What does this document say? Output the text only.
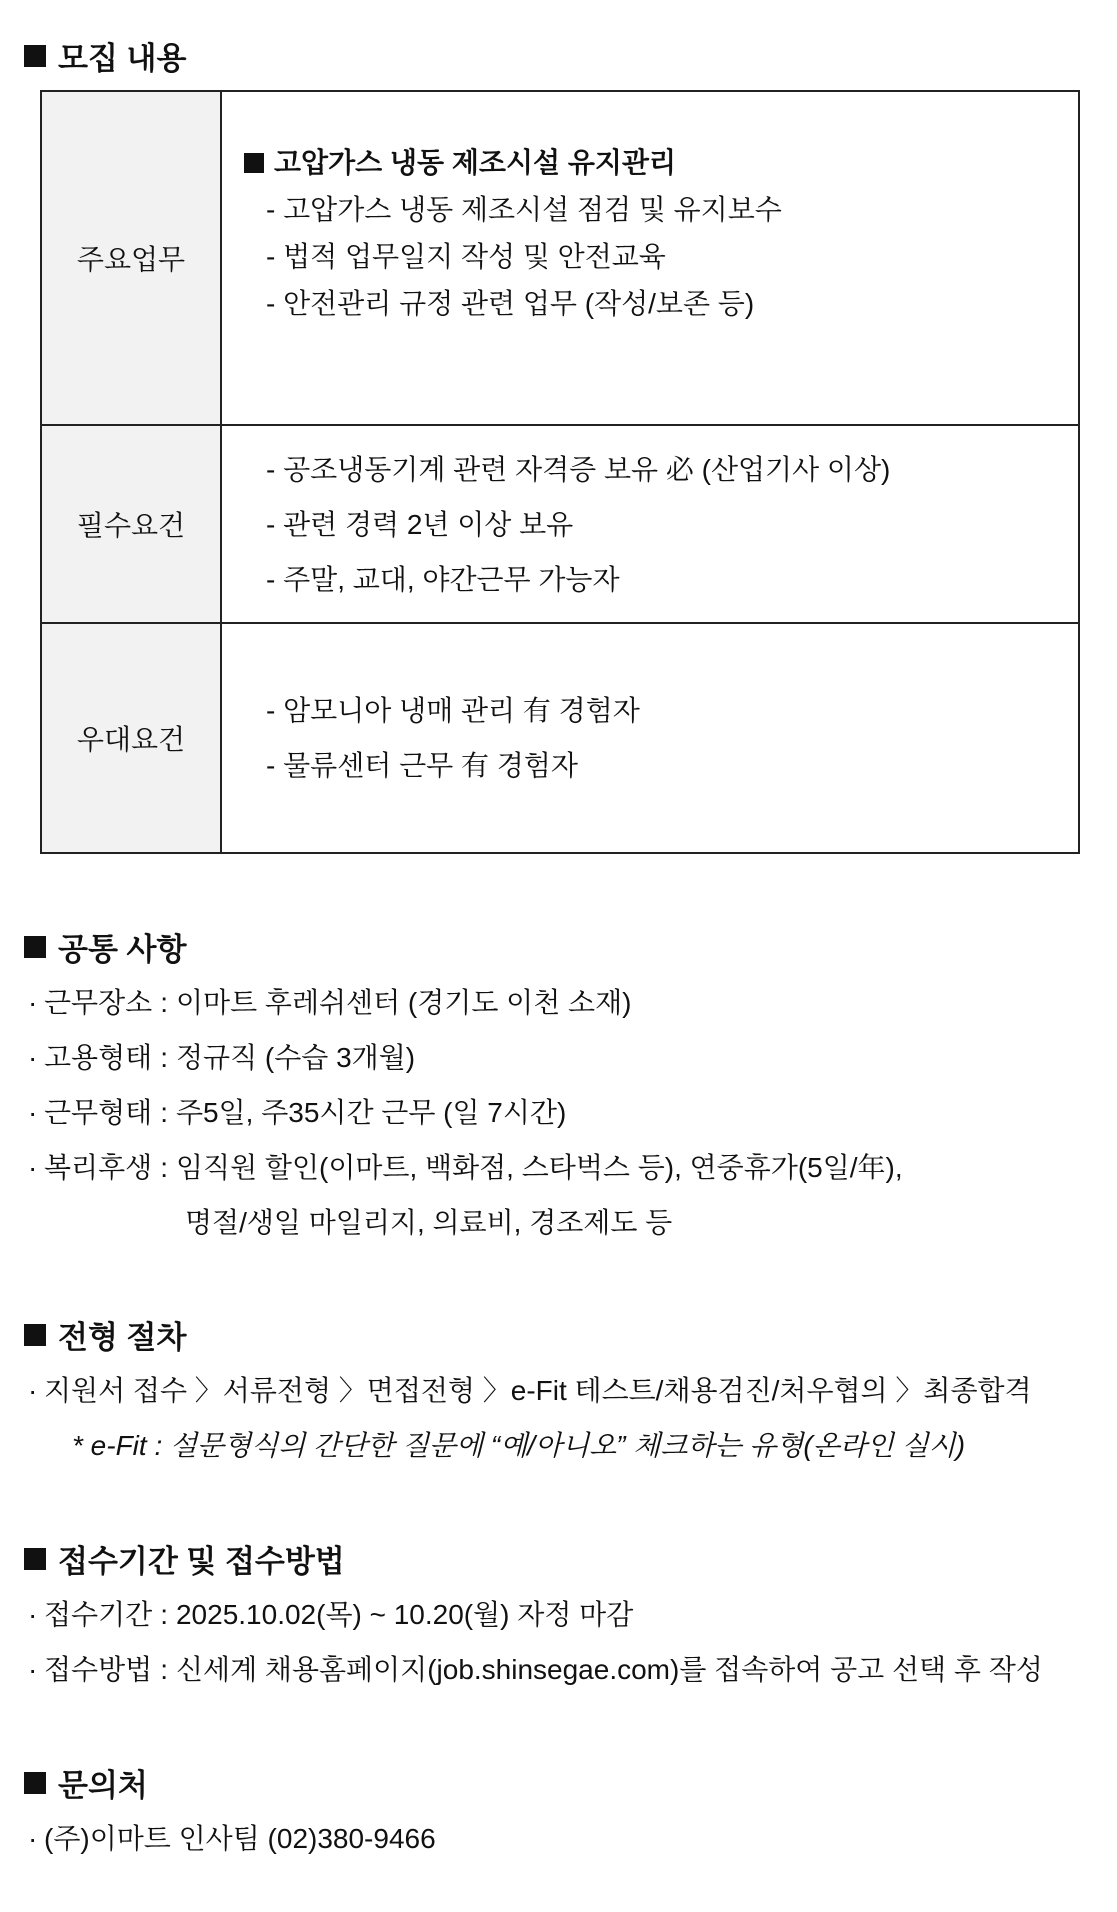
모집 내용
주요업무	고압가스 냉동 제조시설 유지관리
- 고압가스 냉동 제조시설 점검 및 유지보수
- 법적 업무일지 작성 및 안전교육
- 안전관리 규정 관련 업무 (작성/보존 등)

필수요건	- 공조냉동기계 관련 자격증 보유 必 (산업기사 이상)
- 관련 경력 2년 이상 보유
- 주말, 교대, 야간근무 가능자

우대요건	- 암모니아 냉매 관리 有 경험자
- 물류센터 근무 有 경험자
공통 사항
· 근무장소 : 이마트 후레쉬센터 (경기도 이천 소재)
· 고용형태 : 정규직 (수습 3개월)
· 근무형태 : 주5일, 주35시간 근무 (일 7시간)
· 복리후생 : 임직원 할인(이마트, 백화점, 스타벅스 등), 연중휴가(5일/年),
명절/생일 마일리지, 의료비, 경조제도 등
전형 절차
· 지원서 접수 〉서류전형 〉면접전형 〉e-Fit 테스트/채용검진/처우협의 〉최종합격
* e-Fit : 설문형식의 간단한 질문에 “예/아니오” 체크하는 유형(온라인 실시)
접수기간 및 접수방법
· 접수기간 : 2025.10.02(목) ~ 10.20(월) 자정 마감
· 접수방법 : 신세계 채용홈페이지(job.shinsegae.com)를 접속하여 공고 선택 후 작성
문의처
· (주)이마트 인사팀 (02)380-9466
